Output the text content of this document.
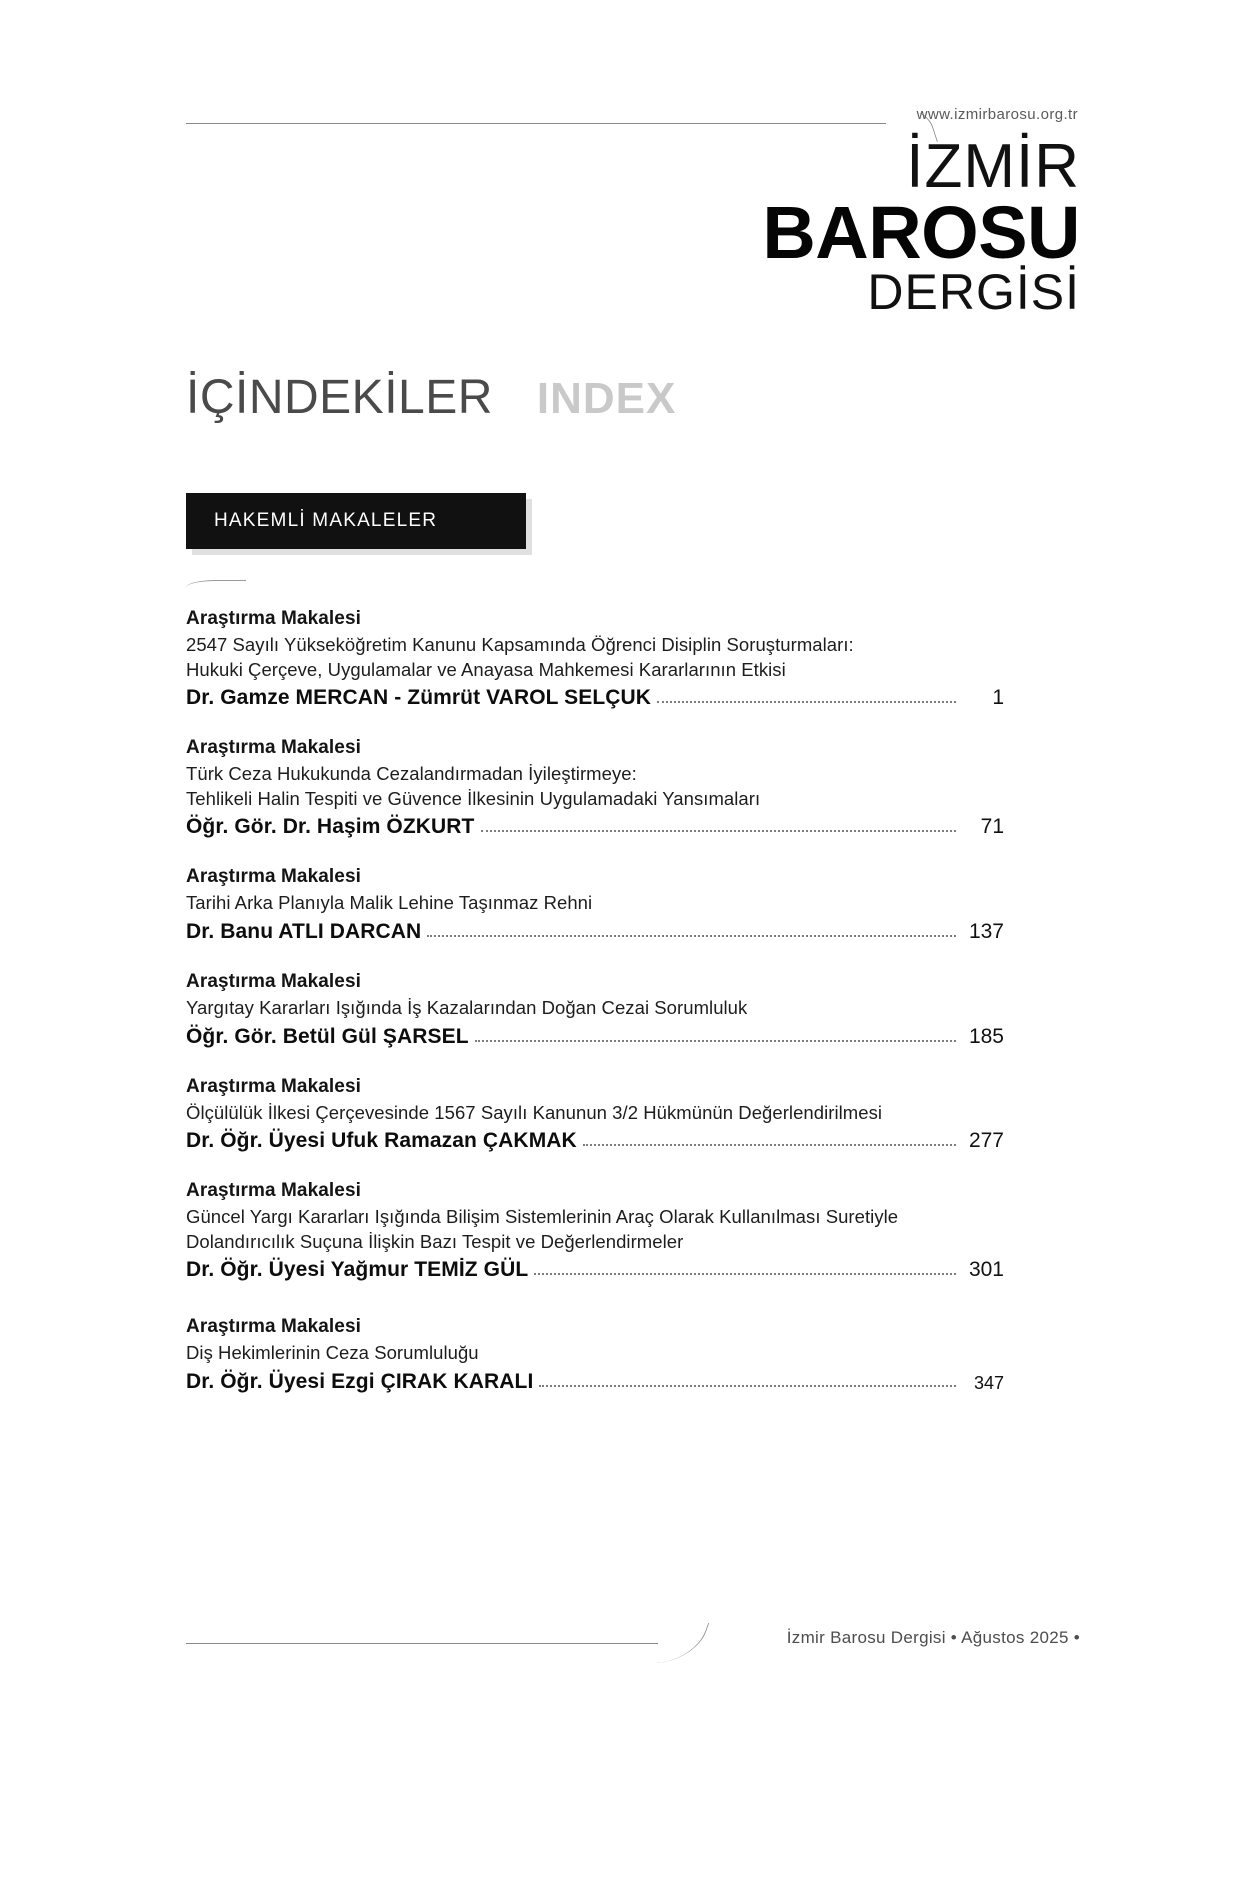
www.izmirbarosu.org.tr
İZMİR
BAROSU
DERGİSİ
İÇİNDEKİLER INDEX
HAKEMLİ MAKALELER
Araştırma Makalesi
2547 Sayılı Yükseköğretim Kanunu Kapsamında Öğrenci Disiplin Soruşturmaları:
Hukuki Çerçeve, Uygulamalar ve Anayasa Mahkemesi Kararlarının Etkisi
Dr. Gamze MERCAN - Zümrüt VAROL SELÇUK	1
Araştırma Makalesi
Türk Ceza Hukukunda Cezalandırmadan İyileştirmeye:
Tehlikeli Halin Tespiti ve Güvence İlkesinin Uygulamadaki Yansımaları
Öğr. Gör. Dr. Haşim ÖZKURT	71
Araştırma Makalesi
Tarihi Arka Planıyla Malik Lehine Taşınmaz Rehni
Dr. Banu ATLI DARCAN	137
Araştırma Makalesi
Yargıtay Kararları Işığında İş Kazalarından Doğan Cezai Sorumluluk
Öğr. Gör. Betül Gül ŞARSEL	185
Araştırma Makalesi
Ölçülülük İlkesi Çerçevesinde 1567 Sayılı Kanunun 3/2 Hükmünün Değerlendirilmesi
Dr. Öğr. Üyesi Ufuk Ramazan ÇAKMAK	277
Araştırma Makalesi
Güncel Yargı Kararları Işığında Bilişim Sistemlerinin Araç Olarak Kullanılması Suretiyle
Dolandırıcılık Suçuna İlişkin Bazı Tespit ve Değerlendirmeler
Dr. Öğr. Üyesi Yağmur TEMİZ GÜL	301
Araştırma Makalesi
Diş Hekimlerinin Ceza Sorumluluğu
Dr. Öğr. Üyesi Ezgi ÇIRAK KARALI	347
İzmir Barosu Dergisi • Ağustos 2025 •
